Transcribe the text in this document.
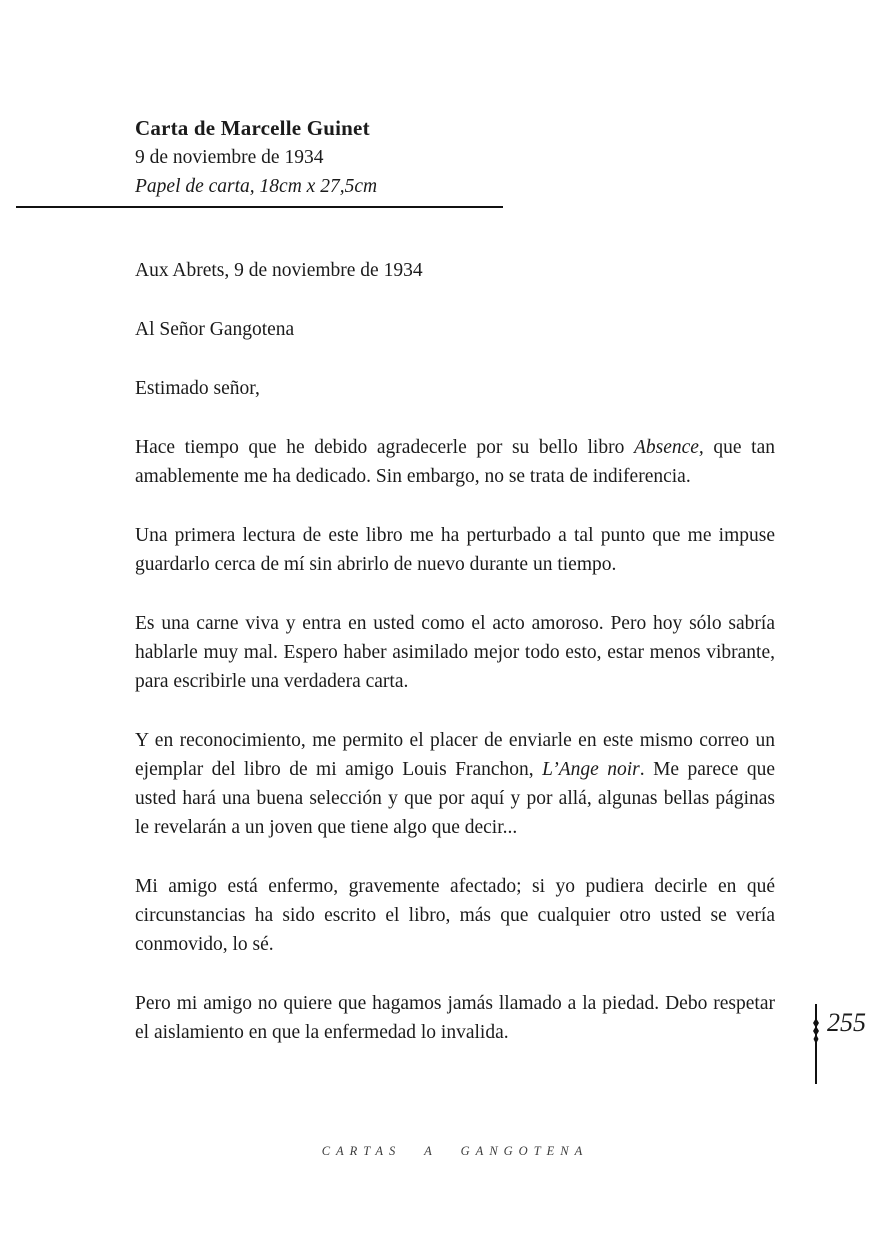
Carta de Marcelle Guinet
9 de noviembre de 1934
Papel de carta, 18cm x 27,5cm

Aux Abrets, 9 de noviembre de 1934

Al Señor Gangotena

Estimado señor,

Hace tiempo que he debido agradecerle por su bello libro Absence, que tan amablemente me ha dedicado. Sin embargo, no se trata de indiferencia.

Una primera lectura de este libro me ha perturbado a tal punto que me impuse guardarlo cerca de mí sin abrirlo de nuevo durante un tiempo.

Es una carne viva y entra en usted como el acto amoroso. Pero hoy sólo sabría hablarle muy mal. Espero haber asimilado mejor todo esto, estar menos vibrante, para escribirle una verdadera carta.

Y en reconocimiento, me permito el placer de enviarle en este mismo correo un ejemplar del libro de mi amigo Louis Franchon, L’Ange noir. Me parece que usted hará una buena selección y que por aquí y por allá, algunas bellas páginas le revelarán a un joven que tiene algo que decir...

Mi amigo está enfermo, gravemente afectado; si yo pudiera decirle en qué circunstancias ha sido escrito el libro, más que cualquier otro usted se vería conmovido, lo sé.

Pero mi amigo no quiere que hagamos jamás llamado a la piedad. Debo respetar el aislamiento en que la enfermedad lo invalida.	255
CARTAS A GANGOTENA
